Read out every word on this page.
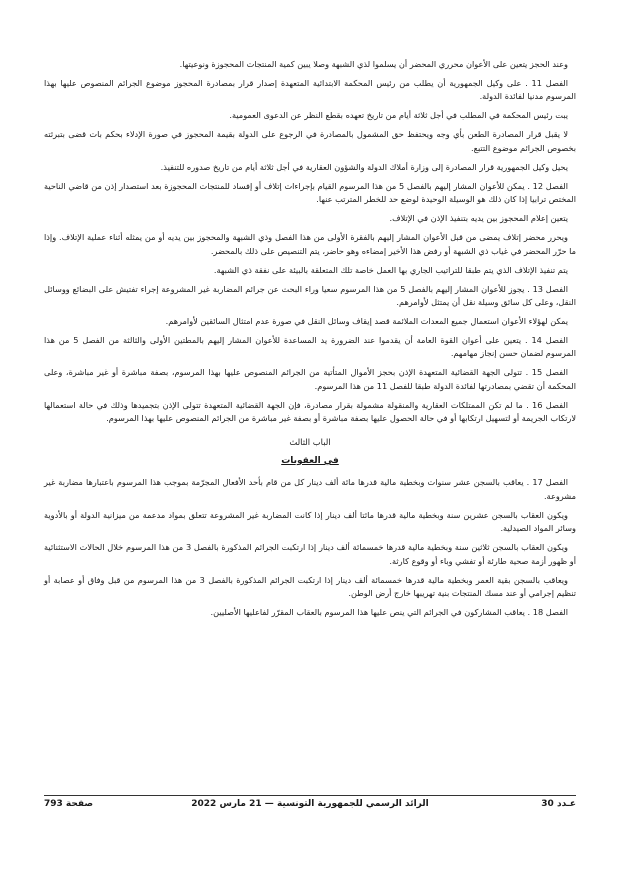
وعند الحجز يتعين على الأعوان محرري المحضر أن يسلموا لذي الشبهة وصلا يبين كمية المنتجات المحجوزة ونوعيتها.

الفصل 11 . على وكيل الجمهورية أن يطلب من رئيس المحكمة الابتدائية المتعهدة إصدار قرار بمصادرة المحجوز موضوع الجرائم المنصوص عليها بهذا المرسوم مدنيا لفائدة الدولة.

يبت رئيس المحكمة في المطلب في أجل ثلاثة أيام من تاريخ تعهده بقطع النظر عن الدعوى العمومية.

لا يقبل قرار المصادرة الطعن بأي وجه ويحتفظ حق المشمول بالمصادرة في الرجوع على الدولة بقيمة المحجوز في صورة الإدلاء بحكم بات قضى بتبرئته بخصوص الجرائم موضوع التتبع.

يحيل وكيل الجمهورية قرار المصادرة إلى وزارة أملاك الدولة والشؤون العقارية في أجل ثلاثة أيام من تاريخ صدوره للتنفيذ.

الفصل 12 . يمكن للأعوان المشار إليهم بالفصل 5 من هذا المرسوم القيام بإجراءات إتلاف أو إفساد للمنتجات المحجوزة بعد استصدار إذن من قاضي الناحية المختص ترابيا إذا كان ذلك هو الوسيلة الوحيدة لوضع حد للخطر المترتب عنها.

يتعين إعلام المحجوز بين يديه بتنفيذ الإذن في الإتلاف.

ويحرر محضر إتلاف يمضى من قبل الأعوان المشار إليهم بالفقرة الأولى من هذا الفصل وذي الشبهة والمحجوز بين يديه أو من يمثله أثناء عملية الإتلاف. وإذا ما حرّر المحضر في غياب ذي الشبهة أو رفض هذا الأخير إمضاءه وهو حاضر، يتم التنصيص على ذلك بالمحضر.

يتم تنفيذ الإتلاف الذي يتم طبقا للتراتيب الجاري بها العمل خاصة تلك المتعلقة بالبيئة على نفقة ذي الشبهة.

الفصل 13 . يجوز للأعوان المشار إليهم بالفصل 5 من هذا المرسوم سعيا وراء البحث عن جرائم المضاربة غير المشروعة إجراء تفتيش على البضائع ووسائل النقل، وعلى كل سائق وسيلة نقل أن يمتثل لأوامرهم.

يمكن لهؤلاء الأعوان استعمال جميع المعدات الملائمة قصد إيقاف وسائل النقل في صورة عدم امتثال السائقين لأوامرهم.

الفصل 14 . يتعين على أعوان القوة العامة أن يقدموا عند الضرورة يد المساعدة للأعوان المشار إليهم بالمطتين الأولى والثالثة من الفصل 5 من هذا المرسوم لضمان حسن إنجاز مهامهم.

الفصل 15 . تتولى الجهة القضائية المتعهدة الإذن بحجز الأموال المتأتية من الجرائم المنصوص عليها بهذا المرسوم، بصفة مباشرة أو غير مباشرة، وعلى المحكمة أن تقضي بمصادرتها لفائدة الدولة طبقا للفصل 11 من هذا المرسوم.

الفصل 16 . ما لم تكن الممتلكات العقارية والمنقولة مشمولة بقرار مصادرة، فإن الجهة القضائية المتعهدة تتولى الإذن بتجميدها وذلك في حالة استعمالها لارتكاب الجريمة أو لتسهيل ارتكابها أو في حالة الحصول عليها بصفة مباشرة أو بصفة غير مباشرة من الجرائم المنصوص عليها بهذا المرسوم.

الباب الثالث
في العقوبات

الفصل 17 . يعاقب بالسجن عشر سنوات وبخطية مالية قدرها مائة ألف دينار كل من قام بأحد الأفعال المجرّمة بموجب هذا المرسوم باعتبارها مضاربة غير مشروعة.

ويكون العقاب بالسجن عشرين سنة وبخطية مالية قدرها مائتا ألف دينار إذا كانت المضاربة غير المشروعة تتعلق بمواد مدعمة من ميزانية الدولة أو بالأدوية وسائر المواد الصيدلية.

ويكون العقاب بالسجن ثلاثين سنة وبخطية مالية قدرها خمسمائة ألف دينار إذا ارتكبت الجرائم المذكورة بالفصل 3 من هذا المرسوم خلال الحالات الاستثنائية أو ظهور أزمة صحية طارئة أو تفشي وباء أو وقوع كارثة.

ويعاقب بالسجن بقية العمر وبخطية مالية قدرها خمسمائة ألف دينار إذا ارتكبت الجرائم المذكورة بالفصل 3 من هذا المرسوم من قبل وفاق أو عصابة أو تنظيم إجرامي أو عند مسك المنتجات بنية تهريبها خارج أرض الوطن.

الفصل 18 . يعاقب المشاركون في الجرائم التي ينص عليها هذا المرسوم بالعقاب المقرّر لفاعليها الأصليين.

عـدد 30
الرائد الرسمي للجمهورية التونسية — 21 مارس 2022
صفحة 793
